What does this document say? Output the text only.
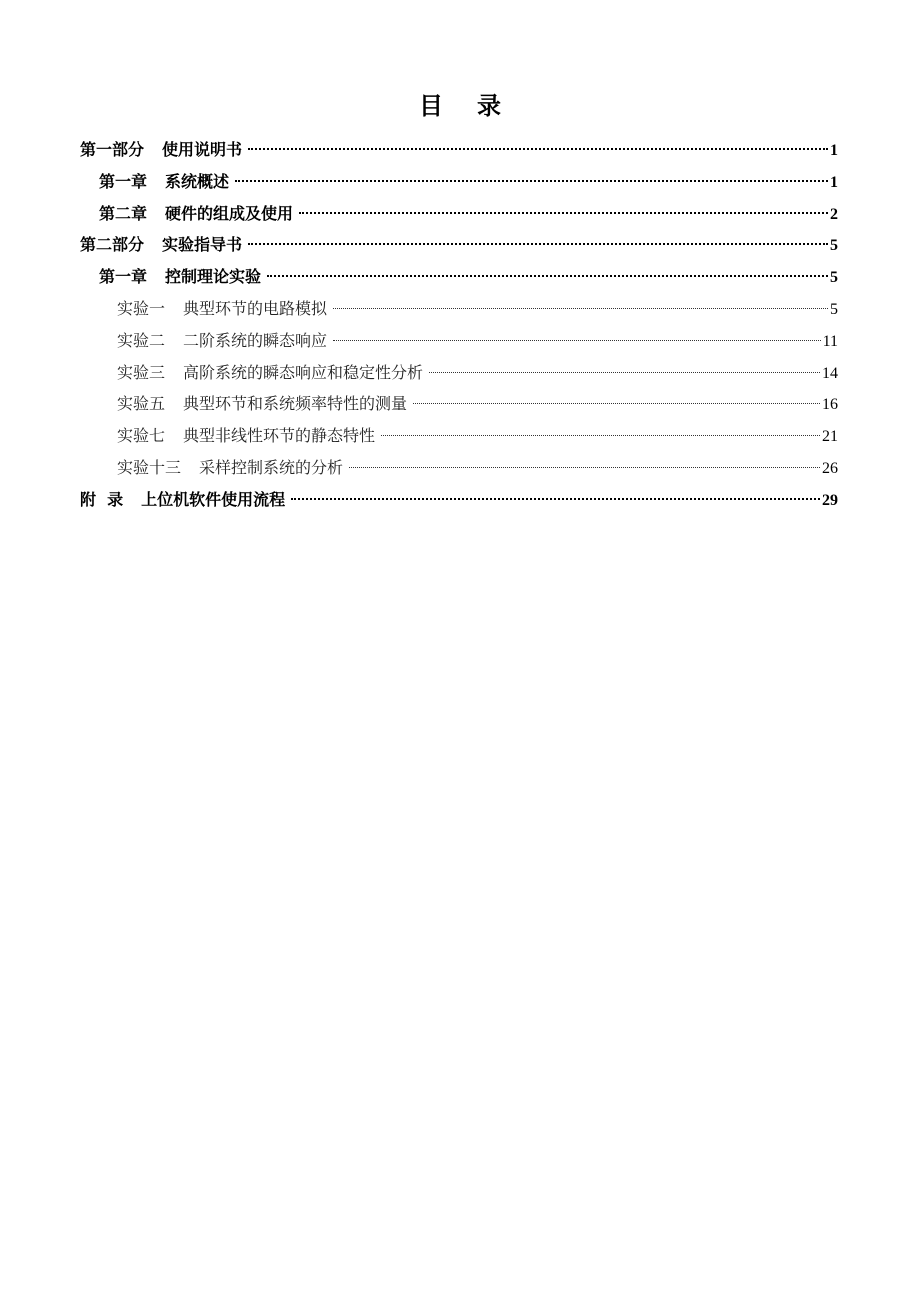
目 录
第一部分 使用说明书	1
第一章 系统概述	1
第二章 硬件的组成及使用	2
第二部分 实验指导书	5
第一章 控制理论实验	5
实验一 典型环节的电路模拟	5
实验二 二阶系统的瞬态响应	11
实验三 高阶系统的瞬态响应和稳定性分析	14
实验五 典型环节和系统频率特性的测量	16
实验七 典型非线性环节的静态特性	21
实验十三 采样控制系统的分析	26
附  录 上位机软件使用流程	29
